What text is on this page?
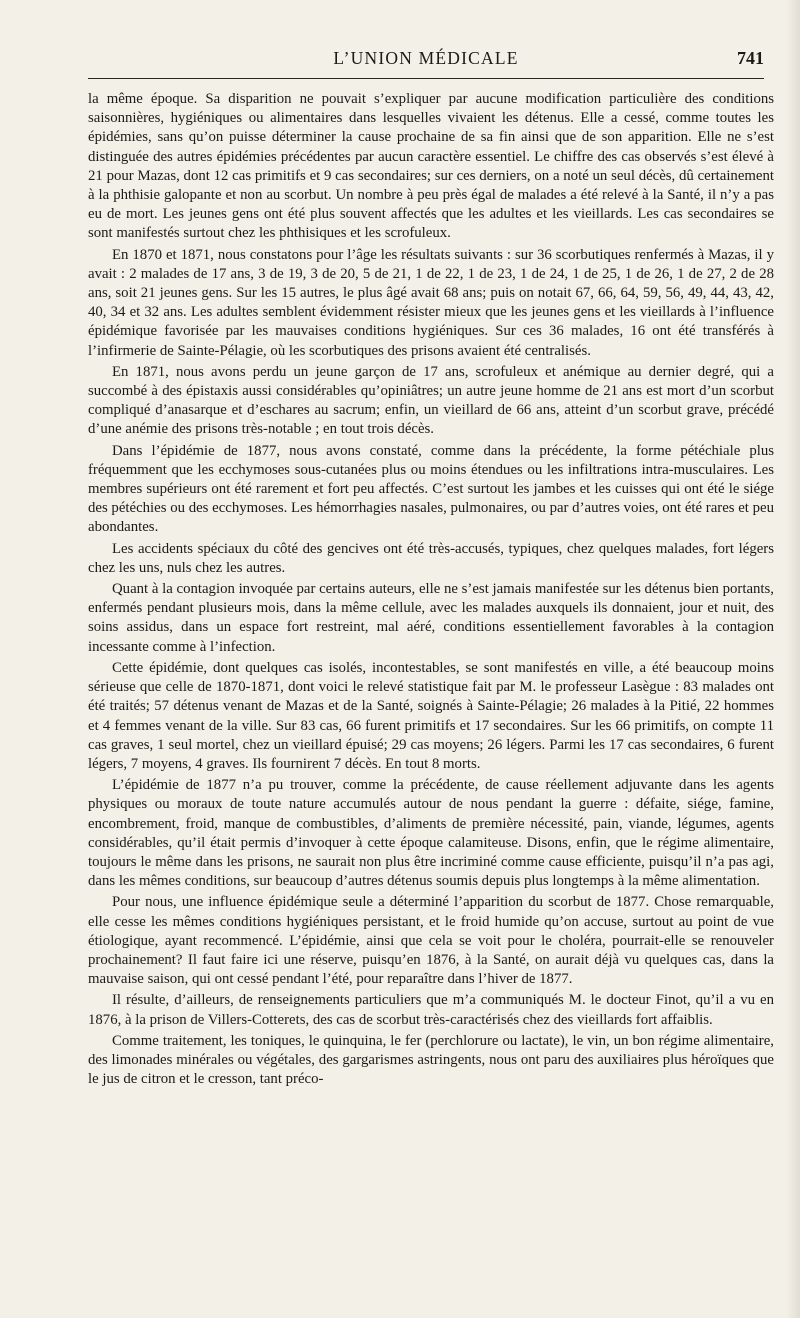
L’UNION MÉDICALE	741

la même époque. Sa disparition ne pouvait s’expliquer par aucune modification particulière des conditions saisonnières, hygiéniques ou alimentaires dans lesquelles vivaient les détenus. Elle a cessé, comme toutes les épidémies, sans qu’on puisse déterminer la cause prochaine de sa fin ainsi que de son apparition. Elle ne s’est distinguée des autres épidémies précédentes par aucun caractère essentiel. Le chiffre des cas observés s’est élevé à 21 pour Mazas, dont 12 cas primitifs et 9 cas secondaires; sur ces derniers, on a noté un seul décès, dû certainement à la phthisie galopante et non au scorbut. Un nombre à peu près égal de malades a été relevé à la Santé, il n’y a pas eu de mort. Les jeunes gens ont été plus souvent affectés que les adultes et les vieillards. Les cas secondaires se sont manifestés surtout chez les phthisiques et les scrofuleux.

En 1870 et 1871, nous constatons pour l’âge les résultats suivants : sur 36 scorbutiques renfermés à Mazas, il y avait : 2 malades de 17 ans, 3 de 19, 3 de 20, 5 de 21, 1 de 22, 1 de 23, 1 de 24, 1 de 25, 1 de 26, 1 de 27, 2 de 28 ans, soit 21 jeunes gens. Sur les 15 autres, le plus âgé avait 68 ans; puis on notait 67, 66, 64, 59, 56, 49, 44, 43, 42, 40, 34 et 32 ans. Les adultes semblent évidemment résister mieux que les jeunes gens et les vieillards à l’influence épidémique favorisée par les mauvaises conditions hygiéniques. Sur ces 36 malades, 16 ont été transférés à l’infirmerie de Sainte-Pélagie, où les scorbutiques des prisons avaient été centralisés.

En 1871, nous avons perdu un jeune garçon de 17 ans, scrofuleux et anémique au dernier degré, qui a succombé à des épistaxis aussi considérables qu’opiniâtres; un autre jeune homme de 21 ans est mort d’un scorbut compliqué d’anasarque et d’eschares au sacrum; enfin, un vieillard de 66 ans, atteint d’un scorbut grave, précédé d’une anémie des prisons très-notable ; en tout trois décès.

Dans l’épidémie de 1877, nous avons constaté, comme dans la précédente, la forme pétéchiale plus fréquemment que les ecchymoses sous-cutanées plus ou moins étendues ou les infiltrations intra-musculaires. Les membres supérieurs ont été rarement et fort peu affectés. C’est surtout les jambes et les cuisses qui ont été le siége des pétéchies ou des ecchymoses. Les hémorrhagies nasales, pulmonaires, ou par d’autres voies, ont été rares et peu abondantes.

Les accidents spéciaux du côté des gencives ont été très-accusés, typiques, chez quelques malades, fort légers chez les uns, nuls chez les autres.

Quant à la contagion invoquée par certains auteurs, elle ne s’est jamais manifestée sur les détenus bien portants, enfermés pendant plusieurs mois, dans la même cellule, avec les malades auxquels ils donnaient, jour et nuit, des soins assidus, dans un espace fort restreint, mal aéré, conditions essentiellement favorables à la contagion incessante comme à l’infection.

Cette épidémie, dont quelques cas isolés, incontestables, se sont manifestés en ville, a été beaucoup moins sérieuse que celle de 1870-1871, dont voici le relevé statistique fait par M. le professeur Lasègue : 83 malades ont été traités; 57 détenus venant de Mazas et de la Santé, soignés à Sainte-Pélagie; 26 malades à la Pitié, 22 hommes et 4 femmes venant de la ville. Sur 83 cas, 66 furent primitifs et 17 secondaires. Sur les 66 primitifs, on compte 11 cas graves, 1 seul mortel, chez un vieillard épuisé; 29 cas moyens; 26 légers. Parmi les 17 cas secondaires, 6 furent légers, 7 moyens, 4 graves. Ils fournirent 7 décès. En tout 8 morts.

L’épidémie de 1877 n’a pu trouver, comme la précédente, de cause réellement adjuvante dans les agents physiques ou moraux de toute nature accumulés autour de nous pendant la guerre : défaite, siége, famine, encombrement, froid, manque de combustibles, d’aliments de première nécessité, pain, viande, légumes, agents considérables, qu’il était permis d’invoquer à cette époque calamiteuse. Disons, enfin, que le régime alimentaire, toujours le même dans les prisons, ne saurait non plus être incriminé comme cause efficiente, puisqu’il n’a pas agi, dans les mêmes conditions, sur beaucoup d’autres détenus soumis depuis plus longtemps à la même alimentation.

Pour nous, une influence épidémique seule a déterminé l’apparition du scorbut de 1877. Chose remarquable, elle cesse les mêmes conditions hygiéniques persistant, et le froid humide qu’on accuse, surtout au point de vue étiologique, ayant recommencé. L’épidémie, ainsi que cela se voit pour le choléra, pourrait-elle se renouveler prochainement? Il faut faire ici une réserve, puisqu’en 1876, à la Santé, on aurait déjà vu quelques cas, dans la mauvaise saison, qui ont cessé pendant l’été, pour reparaître dans l’hiver de 1877.

Il résulte, d’ailleurs, de renseignements particuliers que m’a communiqués M. le docteur Finot, qu’il a vu en 1876, à la prison de Villers-Cotterets, des cas de scorbut très-caractérisés chez des vieillards fort affaiblis.

Comme traitement, les toniques, le quinquina, le fer (perchlorure ou lactate), le vin, un bon régime alimentaire, des limonades minérales ou végétales, des gargarismes astringents, nous ont paru des auxiliaires plus héroïques que le jus de citron et le cresson, tant préco-
